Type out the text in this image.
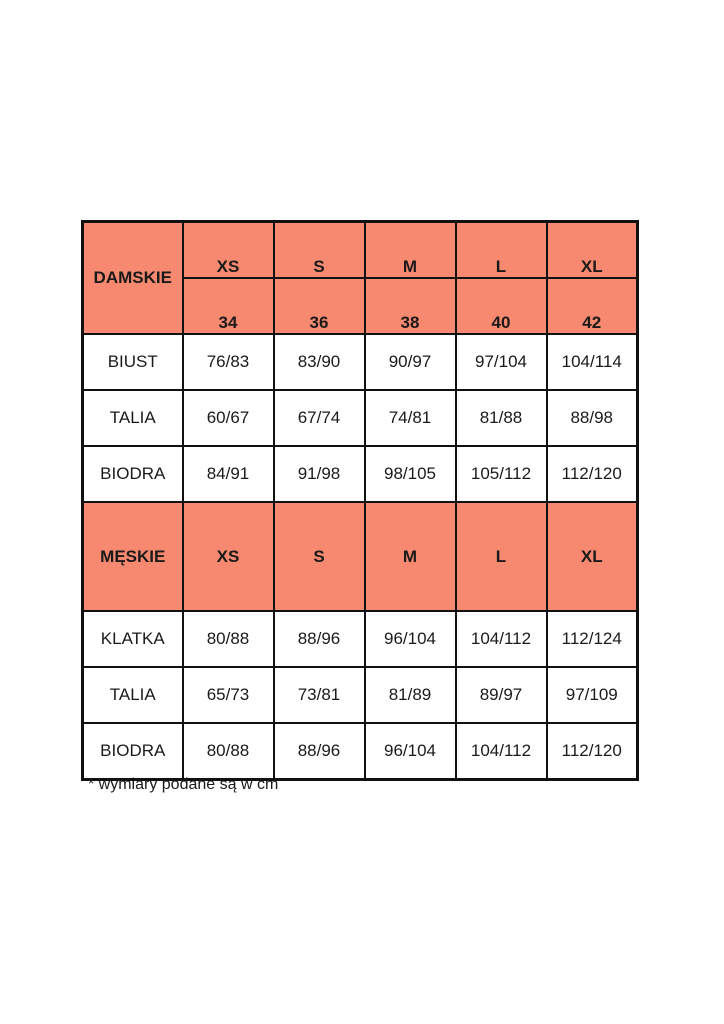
DAMSKIE	XS	S	M	L	XL
	34	36	38	40	42
BIUST	76/83	83/90	90/97	97/104	104/114
TALIA	60/67	67/74	74/81	81/88	88/98
BIODRA	84/91	91/98	98/105	105/112	112/120
MĘSKIE	XS	S	M	L	XL
KLATKA	80/88	88/96	96/104	104/112	112/124
TALIA	65/73	73/81	81/89	89/97	97/109
BIODRA	80/88	88/96	96/104	104/112	112/120
* wymiary podane są w cm
